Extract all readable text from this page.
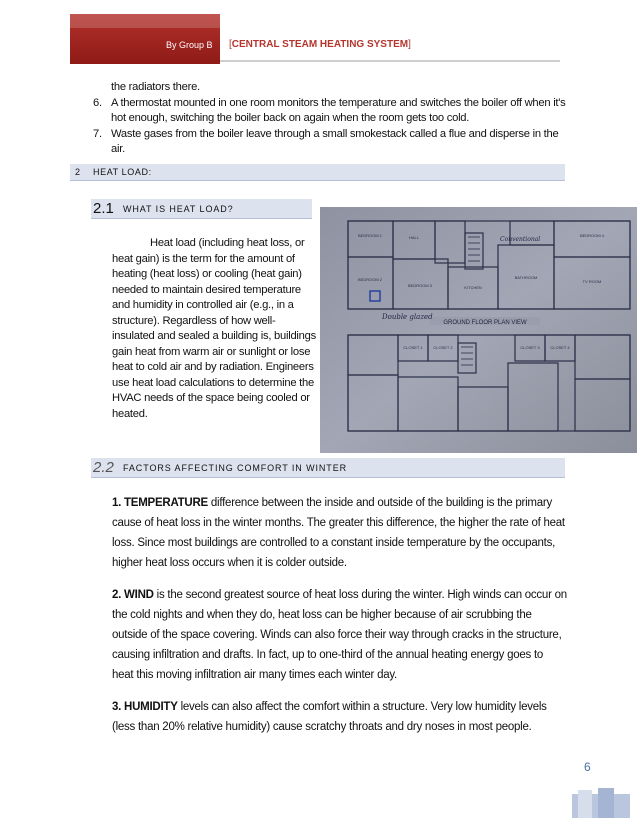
By Group B [CENTRAL STEAM HEATING SYSTEM]
the radiators there.
6. A thermostat mounted in one room monitors the temperature and switches the boiler off when it's hot enough, switching the boiler back on again when the room gets too cold.
7. Waste gases from the boiler leave through a small smokestack called a flue and disperse in the air.
2	HEAT LOAD:
2.1	WHAT IS HEAT LOAD?

Heat load (including heat loss, or heat gain) is the term for the amount of heating (heat loss) or cooling (heat gain) needed to maintain desired temperature and humidity in controlled air (e.g., in a structure). Regardless of how well-insulated and sealed a building is, buildings gain heat from warm air or sunlight or lose heat to cold air and by radiation. Engineers use heat load calculations to determine the HVAC needs of the space being cooled or heated.

BEDROOM 1
BEDROOM 2
BEDROOM 3
BEDROOM 4
HALL
KITCHEN
BATHROOM
TV ROOM
CLOSET 1	CLOSET 2	CLOSET 3	CLOSET 4
GROUND FLOOR PLAN VIEW
Double glazed
Conventional
2.2	FACTORS AFFECTING COMFORT IN WINTER

1. TEMPERATURE difference between the inside and outside of the building is the primary cause of heat loss in the winter months. The greater this difference, the higher the rate of heat loss. Since most buildings are controlled to a constant inside temperature by the occupants, higher heat loss occurs when it is colder outside.

2. WIND is the second greatest source of heat loss during the winter. High winds can occur on the cold nights and when they do, heat loss can be higher because of air scrubbing the outside of the space covering. Winds can also force their way through cracks in the structure, causing infiltration and drafts. In fact, up to one-third of the annual heating energy goes to heat this moving infiltration air many times each winter day.

3. HUMIDITY levels can also affect the comfort within a structure. Very low humidity levels (less than 20% relative humidity) cause scratchy throats and dry noses in most people.

6
